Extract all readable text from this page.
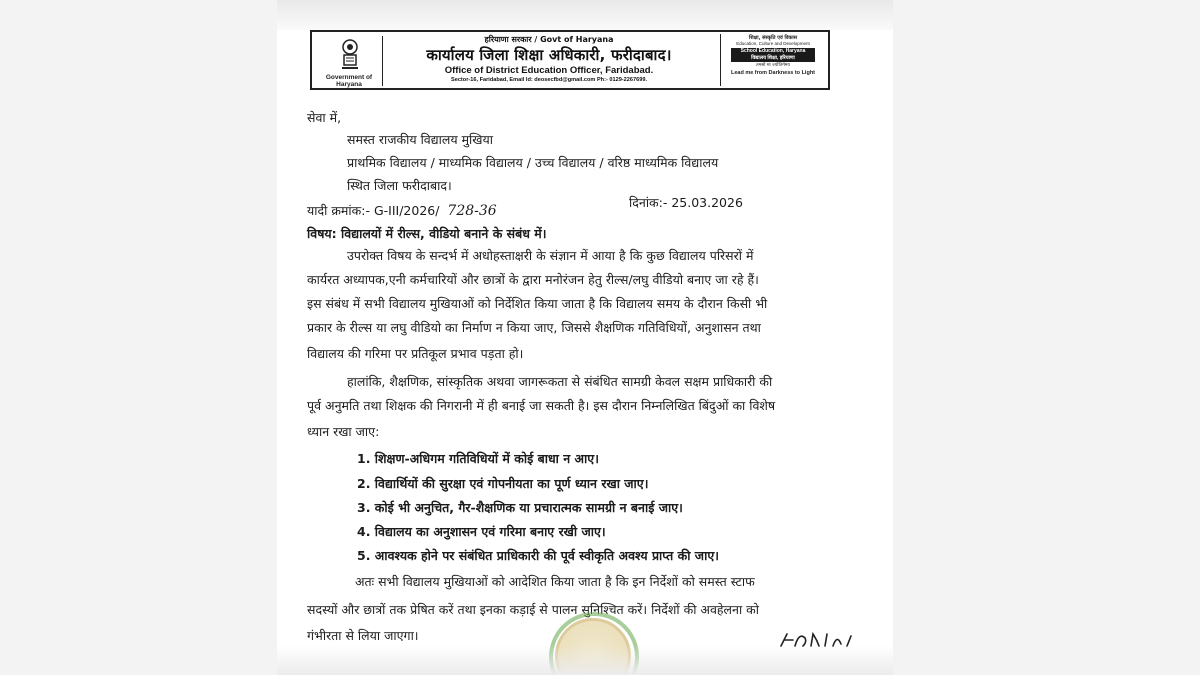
Government of Haryana
हरियाणा सरकार / Govt of Haryana
कार्यालय जिला शिक्षा अधिकारी, फरीदाबाद।
Office of District Education Officer, Faridabad.
Sector-16, Faridabad, Email Id: deosecfbd@gmail.com Ph:- 0129-2267699.
शिक्षा, संस्कृति एवं विकास
Education, Culture and Development
School Education, Haryana
विद्यालय शिक्षा, हरियाणा
तमसो मा ज्योतिर्गमय
Lead me from Darkness to Light
सेवा में,
समस्त राजकीय विद्यालय मुखिया
प्राथमिक विद्यालय / माध्यमिक विद्यालय / उच्च विद्यालय / वरिष्ठ माध्यमिक विद्यालय
स्थित जिला फरीदाबाद।
यादी क्रमांक:- G-III/2026/ 728-36
दिनांक:- 25.03.2026
विषय: विद्यालयों में रील्स, वीडियो बनाने के संबंध में।
उपरोक्त विषय के सन्दर्भ में अधोहस्ताक्षरी के संज्ञान में आया है कि कुछ विद्यालय परिसरों में
कार्यरत अध्यापक,एनी कर्मचारियों और छात्रों के द्वारा मनोरंजन हेतु रील्स/लघु वीडियो बनाए जा रहे हैं।
इस संबंध में सभी विद्यालय मुखियाओं को निर्देशित किया जाता है कि विद्यालय समय के दौरान किसी भी
प्रकार के रील्स या लघु वीडियो का निर्माण न किया जाए, जिससे शैक्षणिक गतिविधियों, अनुशासन तथा
विद्यालय की गरिमा पर प्रतिकूल प्रभाव पड़ता हो।
हालांकि, शैक्षणिक, सांस्कृतिक अथवा जागरूकता से संबंधित सामग्री केवल सक्षम प्राधिकारी की
पूर्व अनुमति तथा शिक्षक की निगरानी में ही बनाई जा सकती है। इस दौरान निम्नलिखित बिंदुओं का विशेष
ध्यान रखा जाए:
1. शिक्षण-अधिगम गतिविधियों में कोई बाधा न आए।
2. विद्यार्थियों की सुरक्षा एवं गोपनीयता का पूर्ण ध्यान रखा जाए।
3. कोई भी अनुचित, गैर-शैक्षणिक या प्रचारात्मक सामग्री न बनाई जाए।
4. विद्यालय का अनुशासन एवं गरिमा बनाए रखी जाए।
5. आवश्यक होने पर संबंधित प्राधिकारी की पूर्व स्वीकृति अवश्य प्राप्त की जाए।
अतः सभी विद्यालय मुखियाओं को आदेशित किया जाता है कि इन निर्देशों को समस्त स्टाफ
सदस्यों और छात्रों तक प्रेषित करें तथा इनका कड़ाई से पालन सुनिश्चित करें। निर्देशों की अवहेलना को
गंभीरता से लिया जाएगा।
